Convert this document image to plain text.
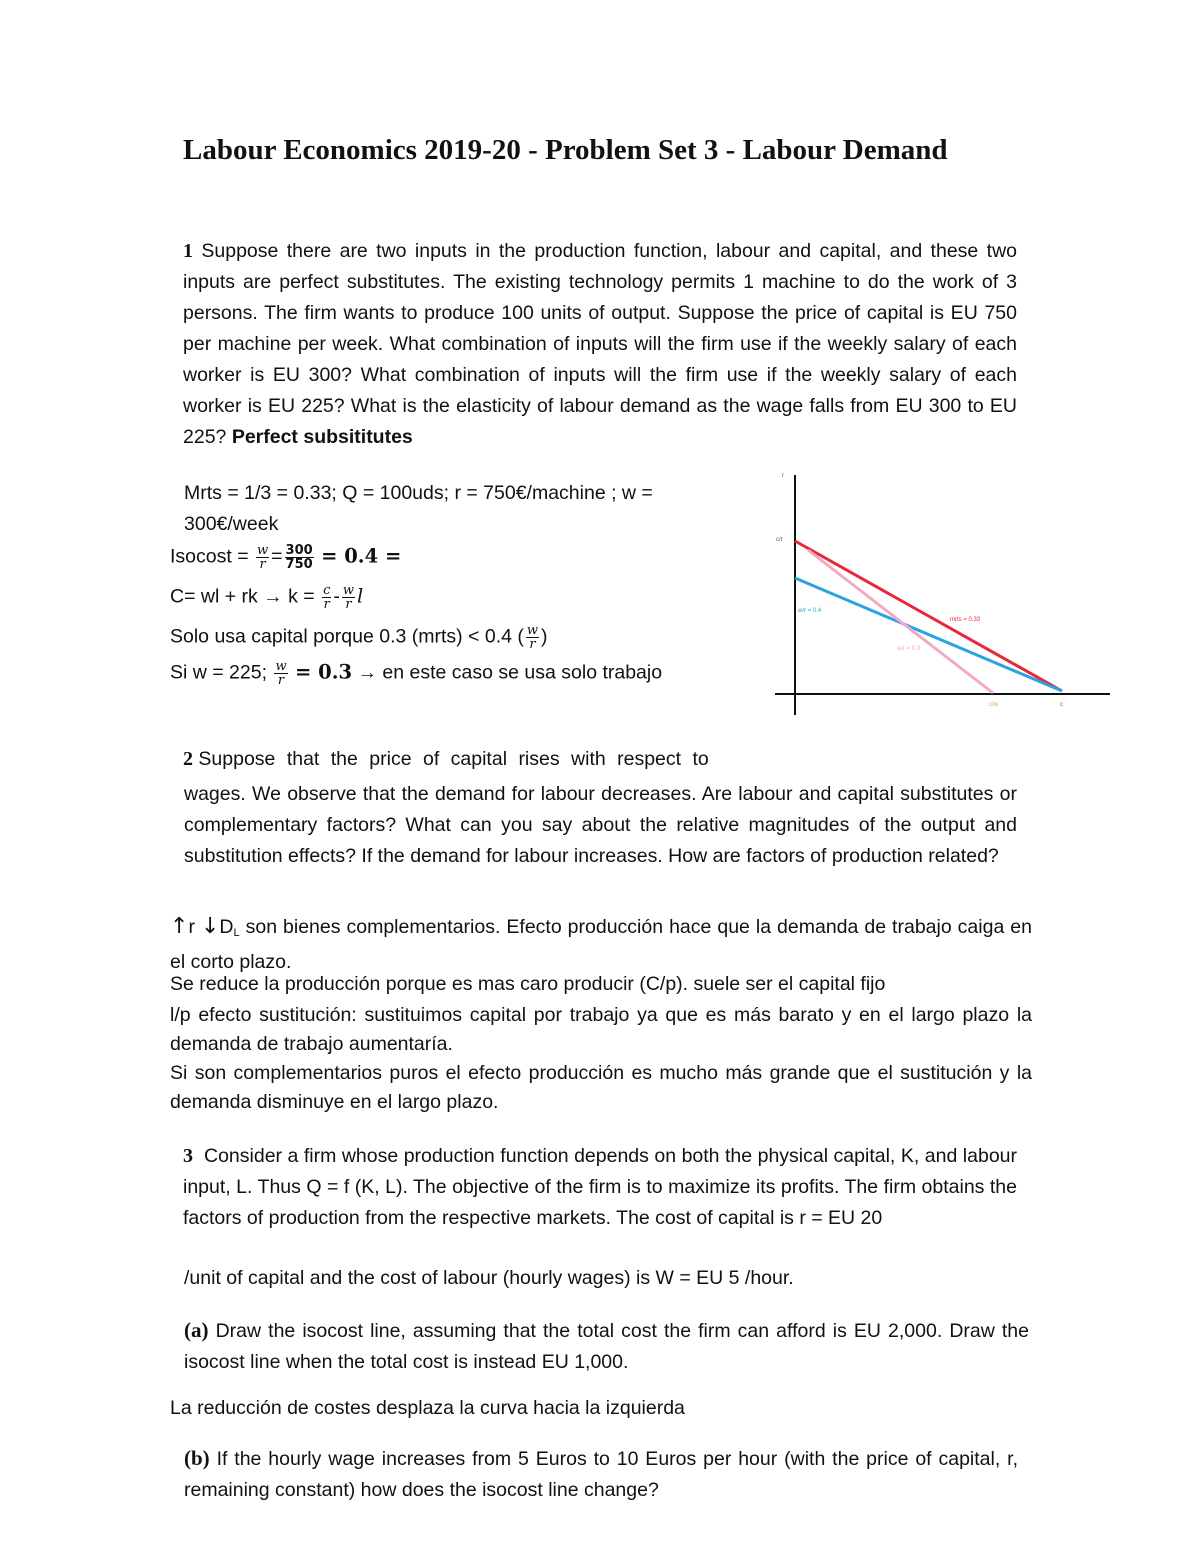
Labour Economics 2019-20 - Problem Set 3 - Labour Demand
1 Suppose there are two inputs in the production function, labour and capital, and these two inputs are perfect substitutes. The existing technology permits 1 machine to do the work of 3 persons. The firm wants to produce 100 units of output. Suppose the price of capital is EU 750 per machine per week. What combination of inputs will the firm use if the weekly salary of each worker is EU 300? What combination of inputs will the firm use if the weekly salary of each worker is EU 225? What is the elasticity of labour demand as the wage falls from EU 300 to EU 225? Perfect subsititutes
Mrts = 1/3 = 0.33; Q = 100uds; r = 750€/machine ; w =
300€/week
$Isocost = \frac{w}{r} = \frac{300}{750} = 0.4$ =
C= wl + rk → $k = \frac{c}{r} - \frac{w}{r}$ l
Solo usa capital porque 0.3 (mrts) < 0.4 ( $\frac{w}{r}$ )
Si w = 225; $\frac{w}{r} = 0.3$ → en este caso se usa solo trabajo
r
c/r
w/r = 0.4
mrts = 0.33
w/r = 0.3
c/w	c
2 Suppose that the price of capital rises with respect to
wages. We observe that the demand for labour decreases. Are labour and capital substitutes or complementary factors? What can you say about the relative magnitudes of the output and substitution effects? If the demand for labour increases. How are factors of production related?
↑r $↓D_L$ son bienes complementarios. Efecto producción hace que la demanda de trabajo caiga en el corto plazo.
Se reduce la producción porque es mas caro producir (C/p). suele ser el capital fijo
l/p efecto sustitución: sustituimos capital por trabajo ya que es más barato y en el largo plazo la demanda de trabajo aumentaría.
Si son complementarios puros el efecto producción es mucho más grande que el sustitución y la demanda disminuye en el largo plazo.
3 Consider a firm whose production function depends on both the physical capital, K, and labour input, L. Thus Q = f (K, L). The objective of the firm is to maximize its profits. The firm obtains the factors of production from the respective markets. The cost of capital is r = EU 20
/unit of capital and the cost of labour (hourly wages) is W = EU 5 /hour.
(a) Draw the isocost line, assuming that the total cost the firm can afford is EU 2,000. Draw the isocost line when the total cost is instead EU 1,000.
La reducción de costes desplaza la curva hacia la izquierda
(b) If the hourly wage increases from 5 Euros to 10 Euros per hour (with the price of capital, r, remaining constant) how does the isocost line change?
